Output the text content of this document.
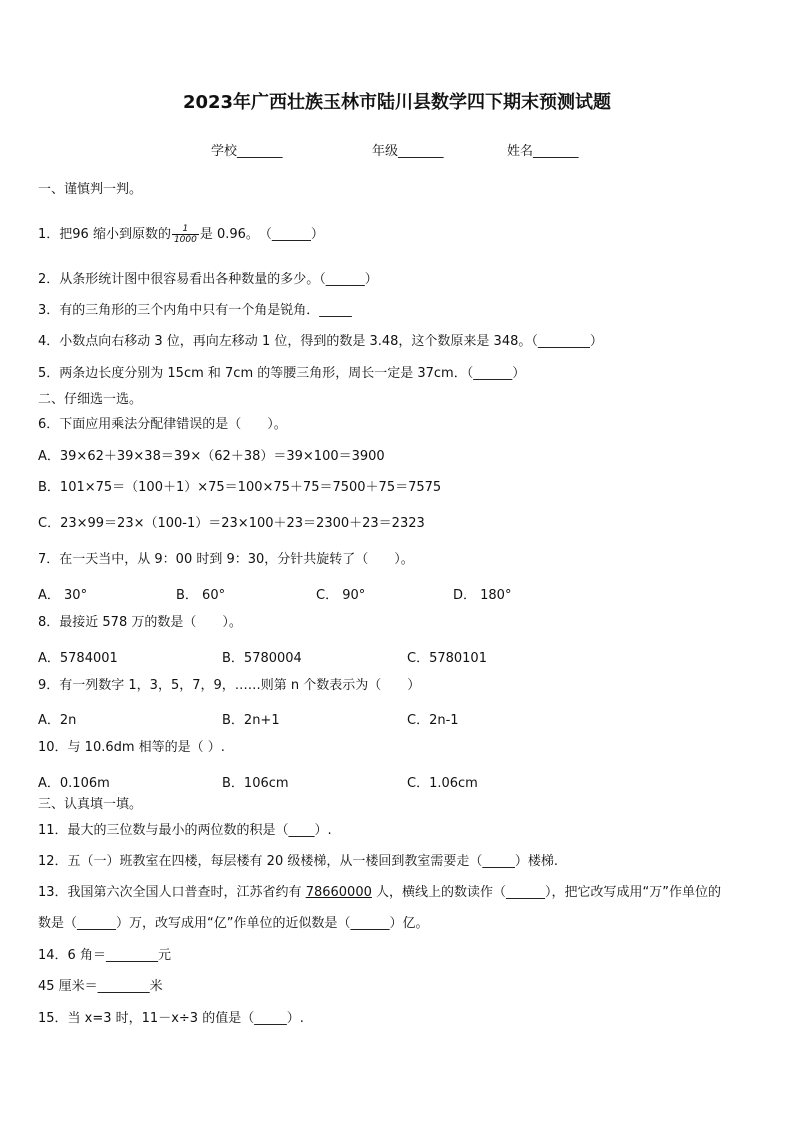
2023年广西壮族玉林市陆川县数学四下期末预测试题
学校_______	年级_______	姓名_______
一、谨慎判一判。
1．把96 缩小到原数的 $\frac{1}{1000}$ 是 0.96。　（______）
2．从条形统计图中很容易看出各种数量的多少。（______）
3．有的三角形的三个内角中只有一个角是锐角．_____
4．小数点向右移动 3 位，再向左移动 1 位，得到的数是 3.48，这个数原来是 348。（________）
5．两条边长度分别为 15cm 和 7cm 的等腰三角形，周长一定是 37cm．（______）
二、仔细选一选。
6．下面应用乘法分配律错误的是（　　）。
A．39×62＋39×38＝39×（62＋38）＝39×100＝3900
B．101×75＝（100＋1）×75＝100×75＋75＝7500＋75＝7575
C．23×99＝23×（100-1）＝23×100＋23＝2300＋23＝2323
7．在一天当中，从 9：00 时到 9：30，分针共旋转了（　　）。
A． 30°	B． 60°	C． 90°	D． 180°
8．最接近 578 万的数是（　　）。
A．5784001	B．5780004	C．5780101
9．有一列数字 1，3，5，7，9，……则第 n 个数表示为（　　）
A．2n	B．2n+1	C．2n-1
10．与 10.6dm 相等的是（ ）.
A．0.106m	B．106cm	C．1.06cm
三、认真填一填。
11．最大的三位数与最小的两位数的积是（____）.
12．五（一）班教室在四楼，每层楼有 20 级楼梯，从一楼回到教室需要走（_____）楼梯.
13．我国第六次全国人口普查时，江苏省约有 78660000 人，横线上的数读作（______），把它改写成用“万”作单位的
数是（______）万，改写成用“亿”作单位的近似数是（______）亿。
14．6 角＝________元
45 厘米＝________米
15．当 x=3 时，11－x÷3 的值是（_____）.
